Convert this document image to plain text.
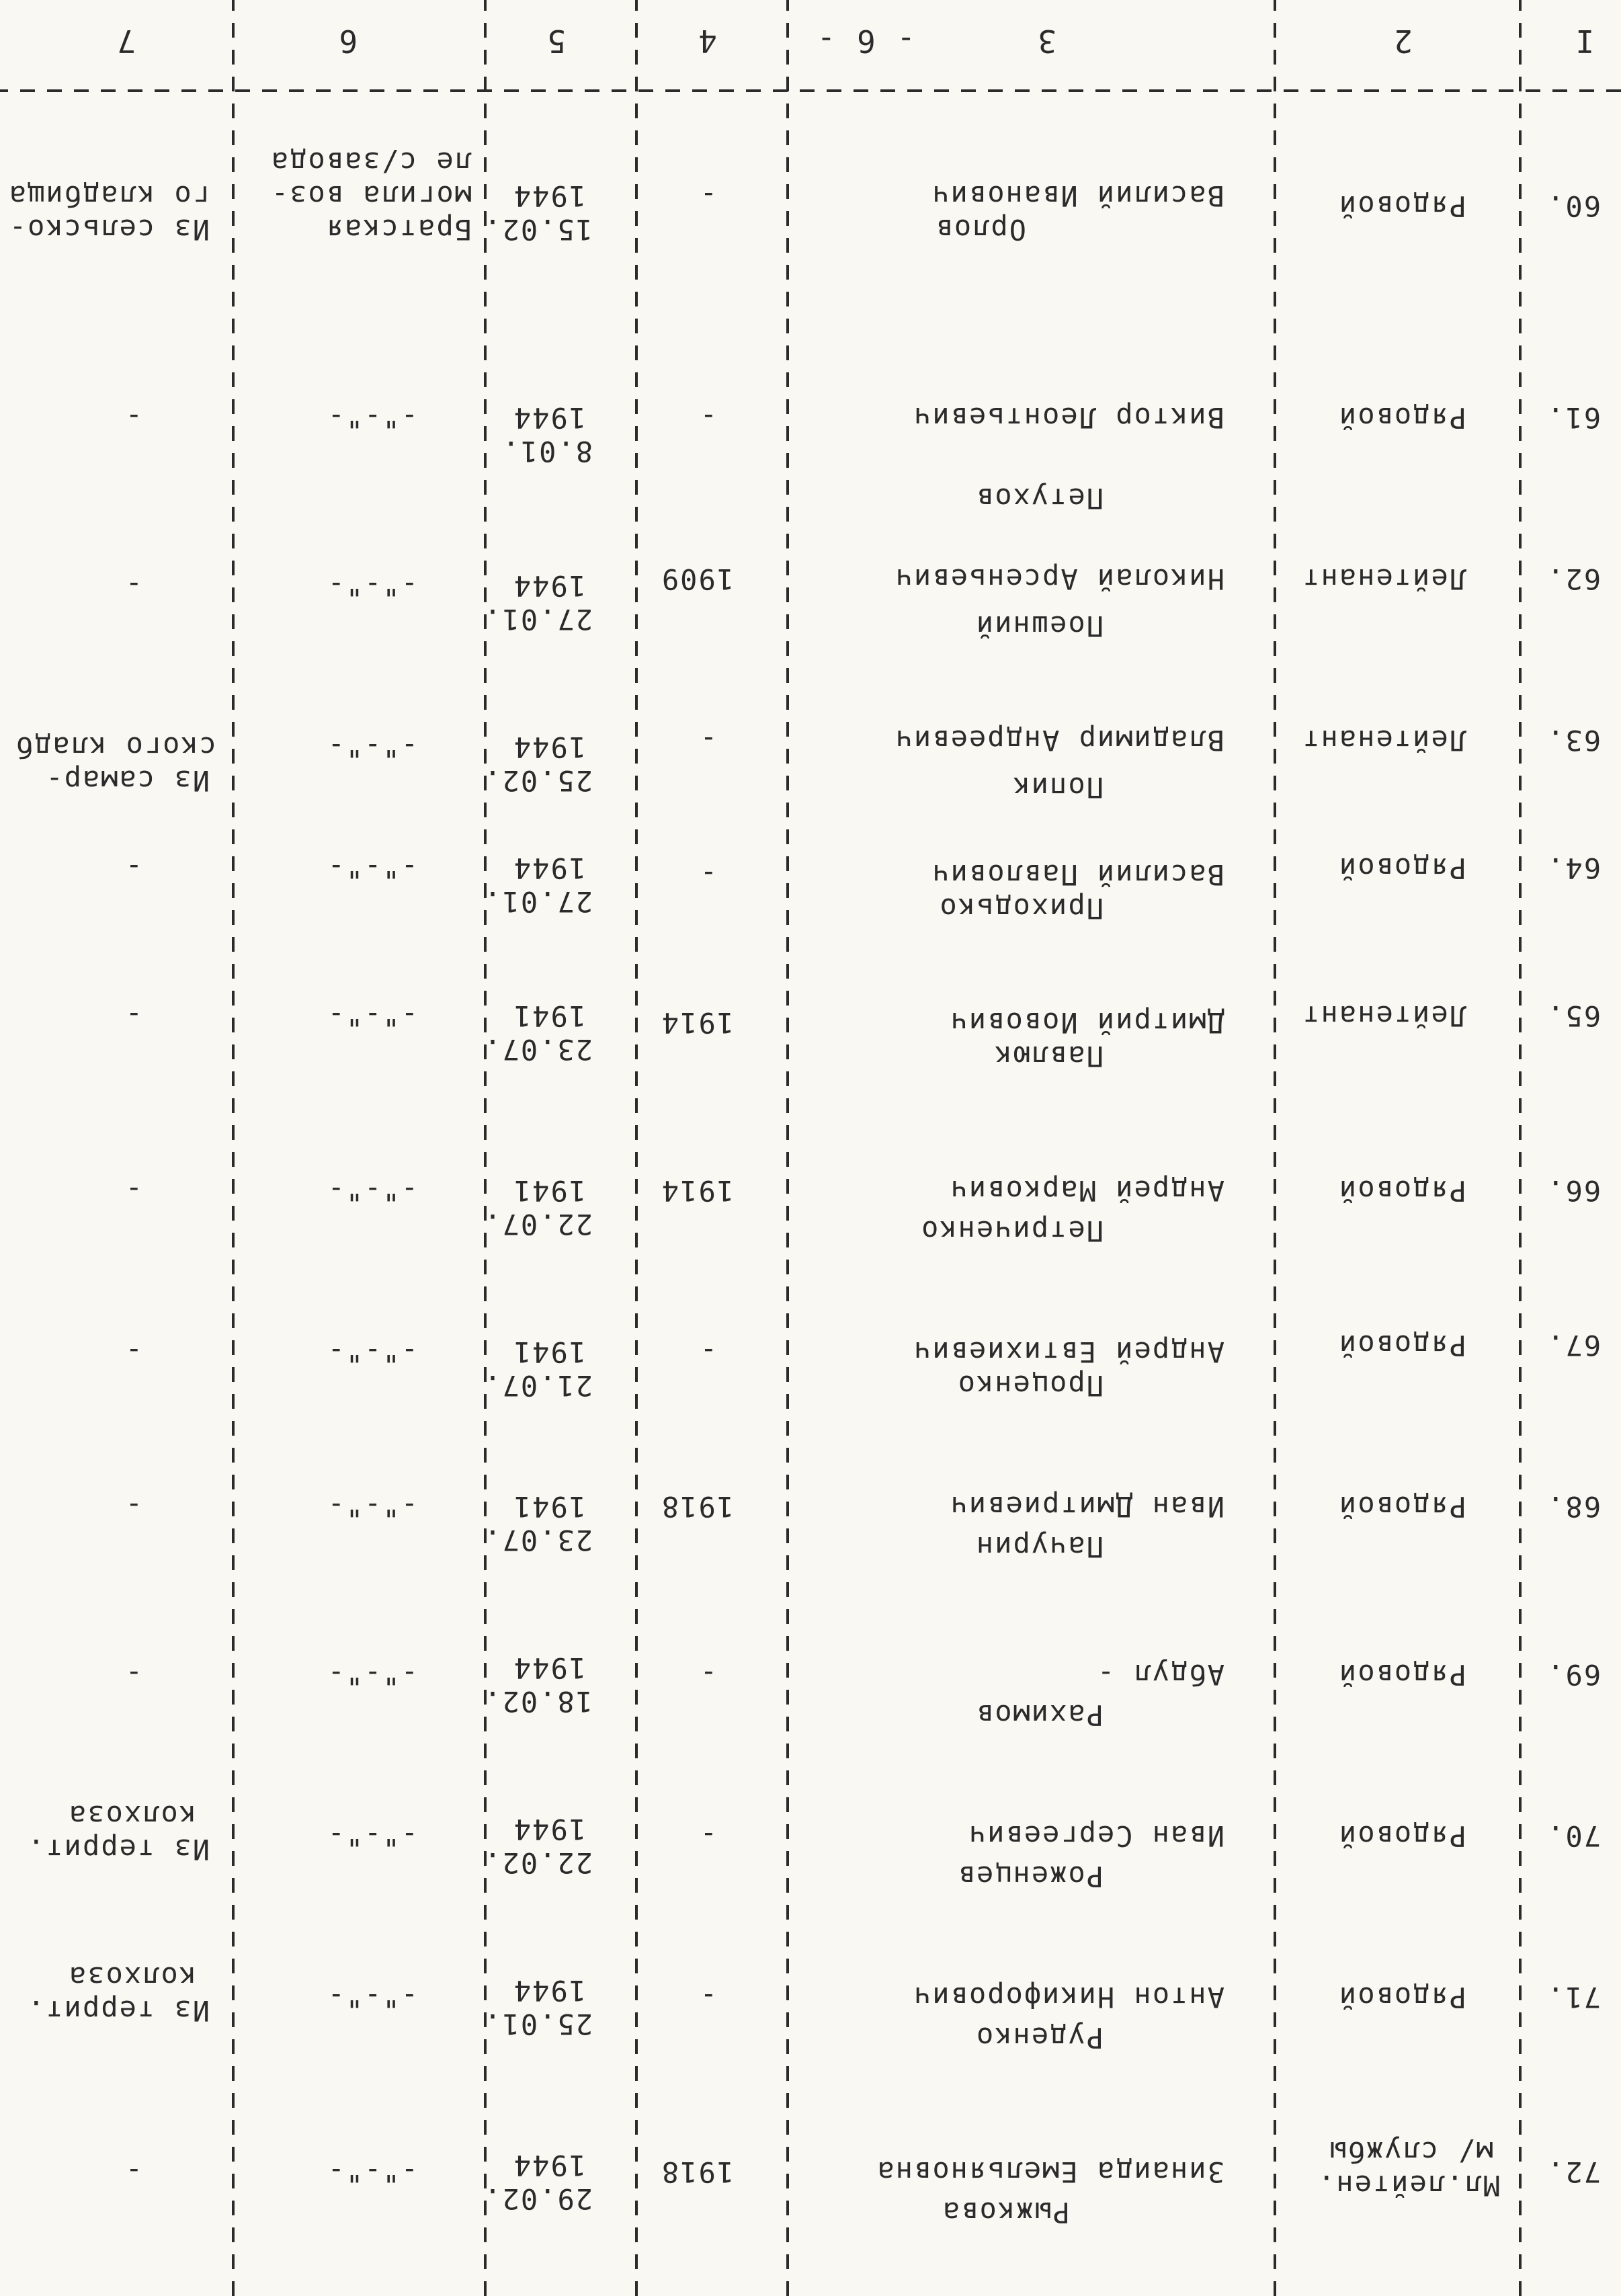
I
2
3
- 6 -
4
5
6
7
60.
Рядовой
Орлов
Василий Иванович
-
15.02.
1944
Братская
могила воз-
ле с/завода
Из сельско-
го кладбища
61.
Рядовой
Петухов
Виктор Леонтьевич
-
8.01.
1944
-"-"-
-
62.
Лейтенант
Поешний
Николай Арсеньевич
1909
27.01.
1944
-"-"-
-
63.
Лейтенант
Попик
Владимир Андреевич
-
25.02.
1944
-"-"-
Из самар-
ского кладб
64.
Рядовой
Приходько
Василий Павлович
-
27.01.
1944
-"-"-
-
65.
Лейтенант
Павлюк
Дмитрий Иовович
1914
23.07.
1941
-"-"-
-
66.
Рядовой
Петриченко
Андрей Маркович
1914
22.07.
1941
-"-"-
-
67.
Рядовой
Проценко
Андрей Евтихиевич
-
21.07.
1941
-"-"-
-
68.
Рядовой
Пачурин
Иван Дмитриевич
1918
23.07.
1941
-"-"-
-
69.
Рядовой
Рахимов
Абдул -
-
18.02.
1944
-"-"-
-
70.
Рядовой
Роженцев
Иван Сергеевич
-
22.02.
1944
-"-"-
Из террит.
колхоза
71.
Рядовой
Руденко
Антон Никифорович
-
25.01.
1944
-"-"-
Из террит.
колхоза
72.
Мл.лейтен.
м/ службы
Рыжкова
Зинаида Емельяновна
1918
29.02.
1944
-"-"-
-
